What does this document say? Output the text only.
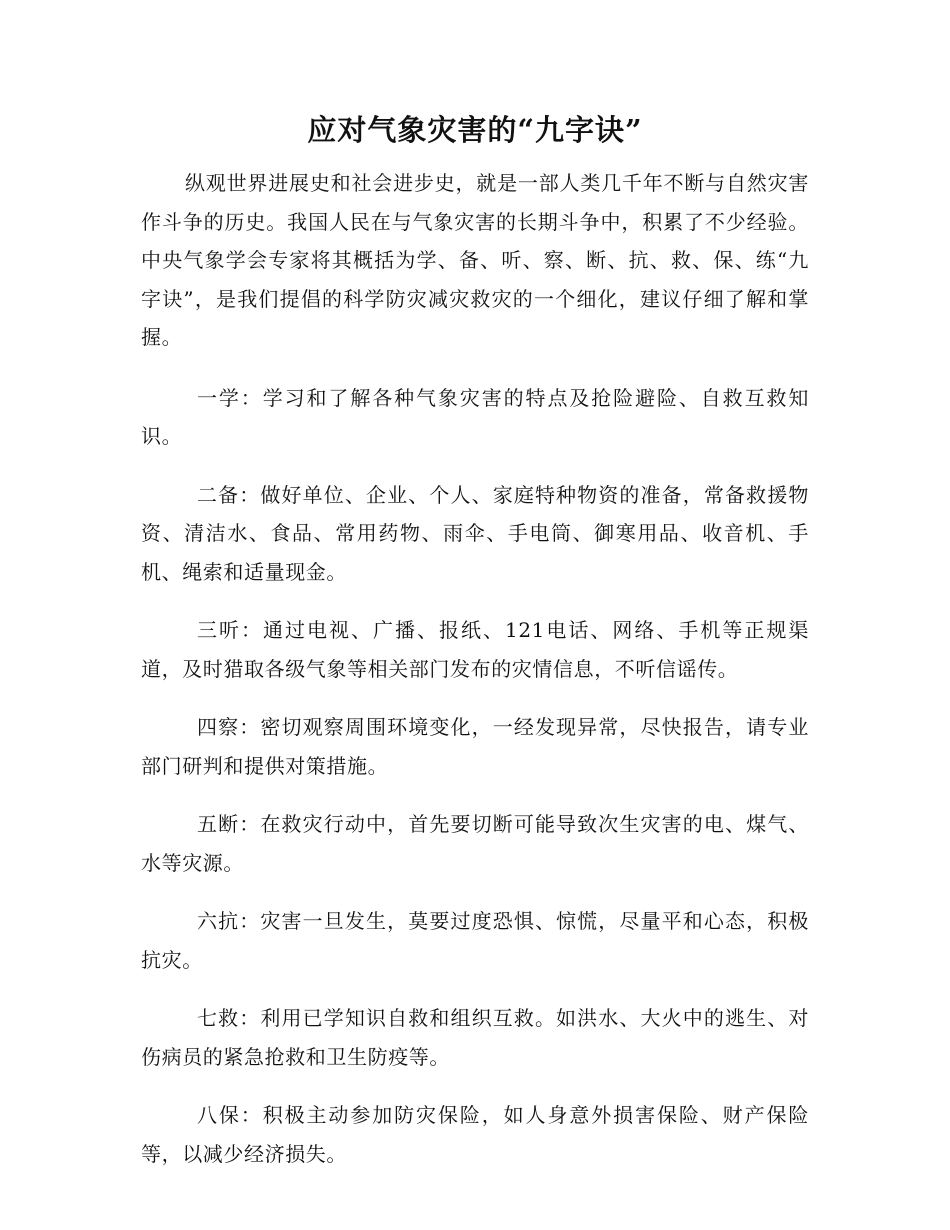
应对气象灾害的“九字诀”

纵观世界进展史和社会进步史，就是一部人类几千年不断与自然灾害作斗争的历史。我国人民在与气象灾害的长期斗争中，积累了不少经验。中央气象学会专家将其概括为学、备、听、察、断、抗、救、保、练“九字诀”，是我们提倡的科学防灾减灾救灾的一个细化，建议仔细了解和掌握。

一学：学习和了解各种气象灾害的特点及抢险避险、自救互救知识。

二备：做好单位、企业、个人、家庭特种物资的准备，常备救援物资、清洁水、食品、常用药物、雨伞、手电筒、御寒用品、收音机、手机、绳索和适量现金。

三听：通过电视、广播、报纸、121电话、网络、手机等正规渠道，及时猎取各级气象等相关部门发布的灾情信息，不听信谣传。

四察：密切观察周围环境变化，一经发现异常，尽快报告，请专业部门研判和提供对策措施。

五断：在救灾行动中，首先要切断可能导致次生灾害的电、煤气、水等灾源。

六抗：灾害一旦发生，莫要过度恐惧、惊慌，尽量平和心态，积极抗灾。

七救：利用已学知识自救和组织互救。如洪水、大火中的逃生、对伤病员的紧急抢救和卫生防疫等。

八保：积极主动参加防灾保险，如人身意外损害保险、财产保险等，以减少经济损失。
